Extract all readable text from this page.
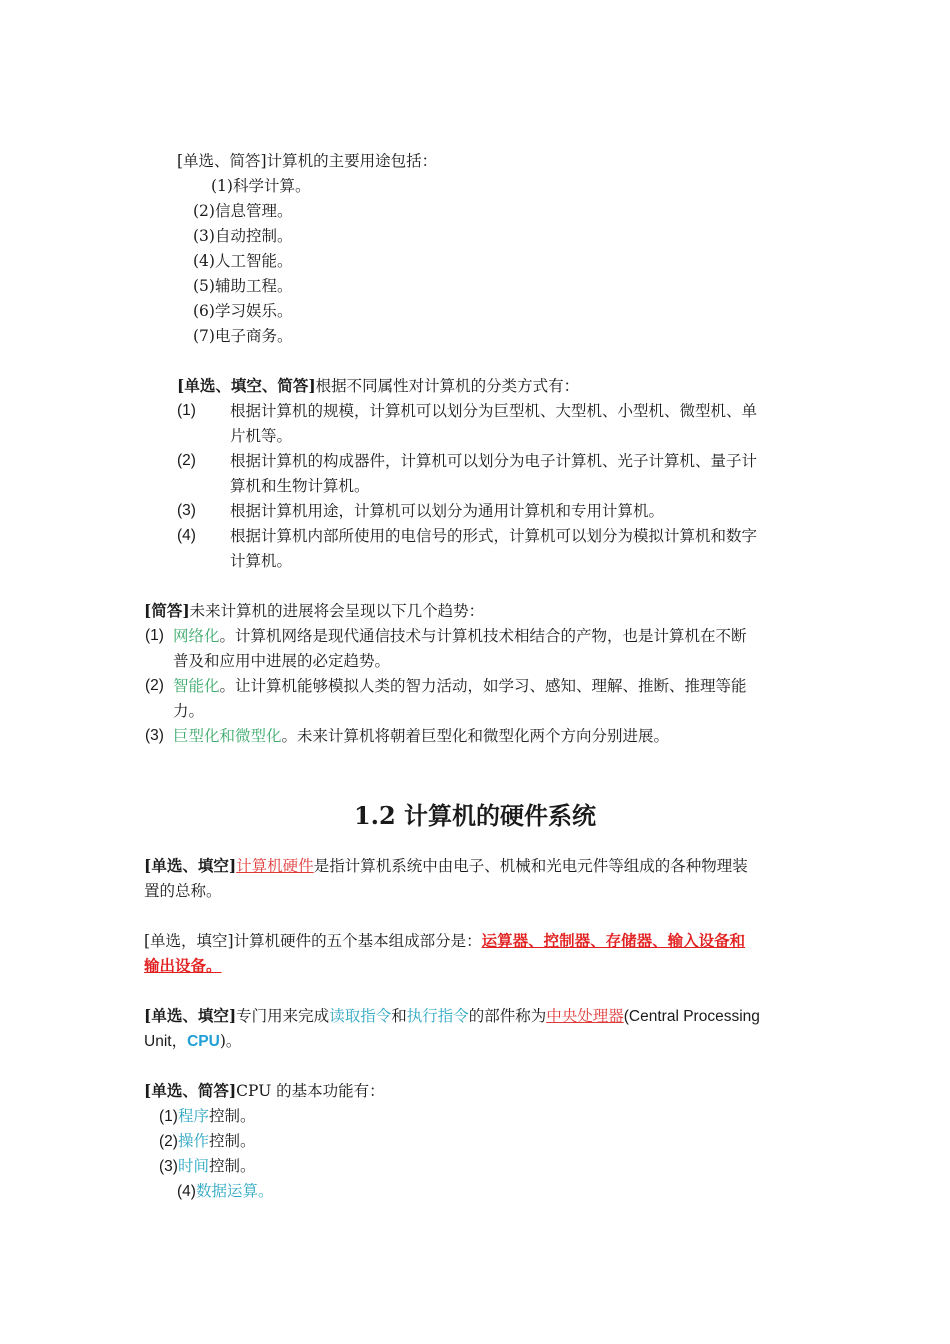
[单选、简答]计算机的主要用途包括：
(1)科学计算。
(2)信息管理。
(3)自动控制。
(4)人工智能。
(5)辅助工程。
(6)学习娱乐。
(7)电子商务。
[单选、填空、简答]根据不同属性对计算机的分类方式有：
(1) 根据计算机的规模，计算机可以划分为巨型机、大型机、小型机、微型机、单
片机等。
(2) 根据计算机的构成器件，计算机可以划分为电子计算机、光子计算机、量子计
算机和生物计算机。
(3) 根据计算机用途，计算机可以划分为通用计算机和专用计算机。
(4) 根据计算机内部所使用的电信号的形式，计算机可以划分为模拟计算机和数字
计算机。
[简答]未来计算机的进展将会呈现以下几个趋势：
(1) 网络化。计算机网络是现代通信技术与计算机技术相结合的产物，也是计算机在不断
普及和应用中进展的必定趋势。
(2) 智能化。让计算机能够模拟人类的智力活动，如学习、感知、理解、推断、推理等能
力。
(3) 巨型化和微型化。未来计算机将朝着巨型化和微型化两个方向分别进展。
1.2 计算机的硬件系统
[单选、填空]计算机硬件是指计算机系统中由电子、机械和光电元件等组成的各种物理装
置的总称。
[单选，填空]计算机硬件的五个基本组成部分是：运算器、控制器、存储器、输入设备和
输出设备。
[单选、填空]专门用来完成读取指令和执行指令的部件称为中央处理器(Central Processing
Unit，CPU)。
[单选、简答]CPU 的基本功能有：
(1)程序控制。
(2)操作控制。
(3)时间控制。
(4)数据运算。
